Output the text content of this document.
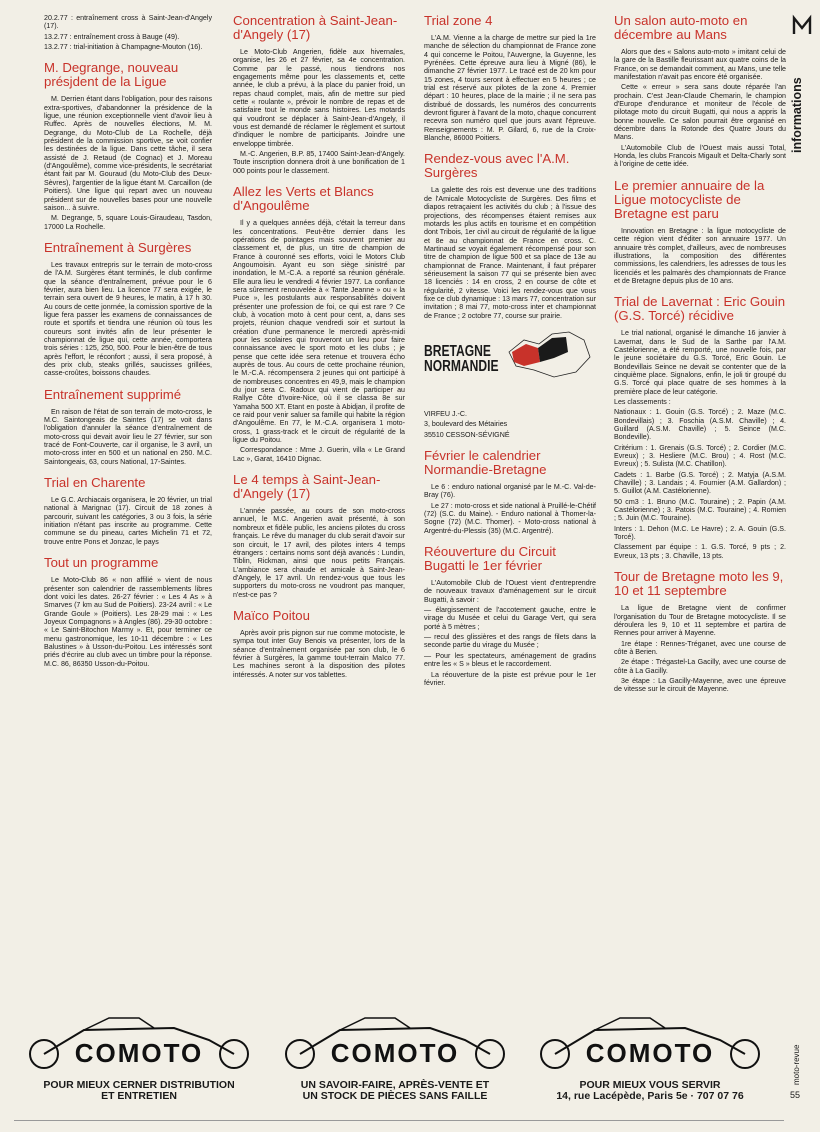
20.2.77 : entraînement cross à Saint-Jean-d'Angely (17).

13.2.77 : entraînement cross à Bauge (49).

13.2.77 : trial-initiation à Champagne-Mouton (16).

M. Degrange, nouveau présjdent de la Ligue

M. Derrien étant dans l'obligation, pour des raisons extra-sportives, d'abandonner la présidence de la ligue, une réunion exceptionnelle vient d'avoir lieu à Ruffec. Après de nouvelles élections, M. M. Degrange, du Moto-Club de La Rochelle, déjà président de la commission sportive, se voit confier les destinées de la ligue. Dans cette tâche, il sera assisté de J. Retaud (de Cognac) et J. Moreau (d'Angoulême), comme vice-présidents, le secrétariat étant fait par M. Gouraud (du Moto-Club des Deux-Sèvres), l'argentier de la ligue étant M. Carcaillon (de Poitiers). Une ligue qui repart avec un nouveau président sur de nouvelles bases pour une nouvelle saison... à suivre.

M. Degrange, 5, square Louis-Giraudeau, Tasdon, 17000 La Rochelle.

Entraînement à Surgères

Les travaux entrepris sur le terrain de moto-cross de l'A.M. Surgères étant terminés, le club confirme que la séance d'entraînement, prévue pour le 6 février, aura bien lieu. La licence 77 sera exigée, le terrain sera ouvert de 9 heures, le matin, à 17 h 30. Au cours de cette jonrnée, la comission sportive de la ligue fera passer les examens de connaissances de route et sportifs et tiendra une réunion où tous les coureurs sont invités afin de leur présenter le championnat de ligue qui, cette année, comportera trois séries : 125, 250, 500. Pour le bien-être de tous après l'effort, le réconfort ; aussi, il sera proposé, à des prix club, steaks grillés, saucisses grillées, casse-croûtes, boissons chaudes.

Entraînement supprimé

En raison de l'état de son terrain de moto-cross, le M.C. Saintongeais de Saintes (17) se voit dans l'obligation d'annuler la séance d'entraînement de moto-cross qui devait avoir lieu le 27 février, sur son tracé de Font-Couverte, car il organise, le 3 avril, un moto-cross inter en 500 et un national en 250. M.C. Saintongeais, 63, cours National, 17-Saintes.

Trial en Charente

Le G.C. Archiacais organisera, le 20 février, un trial national à Marignac (17). Circuit de 18 zones à parcourir, suivant les catégories, 3 ou 3 fois, la série initiation n'étant pas inscrite au programme. Cette commune se du pineau, cartes Michelin 71 et 72, trouve entre Pons et Jonzac, le pays

Tout un programme

Le Moto-Club 86 « non affilié » vient de nous présenter son calendrier de rassemblements libres dont voici les dates. 26-27 février : « Les 4 As » à Smarves (7 km au Sud de Poitiers). 23-24 avril : « Le Grande Goule » (Poitiers). Les 28-29 mai : « Les Joyeux Compagnons » à Angles (86). 29-30 octobre : « Le Saint-Bitochon Marmy ». Et, pour terminer ce menu gastronomique, les 10-11 décembre : « Les Balustines » à Usson-du-Poitou. Les intéressés sont priés d'écrire au club avec un timbre pour la réponse. M.C. 86, 86350 Usson-du-Poitou.

Concentration à Saint-Jean-d'Angely (17)

Le Moto-Club Angerien, fidèle aux hivernales, organise, les 26 et 27 février, sa 4e concentration. Comme par le passé, nous tiendrons nos engagements même pour les classements et, cette année, le club a prévu, à la place du panier froid, un repas chaud complet, mais, afin de mettre sur pied cette « roulante », prévoir le nombre de repas et de satisfaire tout le monde sans histoires. Les motards qui voudront se déplacer à Saint-Jean-d'Angely, il vous est demandé de réclamer le règlement et surtout d'indiquer le nombre de participants. Joindre une enveloppe timbrée.

M.-C. Angerien, B.P. 85, 17400 Saint-Jean-d'Angely. Toute inscription donnera droit à une bonification de 1 000 points pour le classement.

Allez les Verts et Blancs d'Angoulême

Il y a quelques années déjà, c'était la terreur dans les concentrations. Peut-être dernier dans les opérations de pointages mais souvent premier au classement et, de plus, un titre de champion de France à couronné ses efforts, voici le Motors Club Angoumoisin. Ayant eu son siège sinistré par inondation, le M.-C.A. a reporté sa réunion générale. Elle aura lieu le vendredi 4 février 1977. La confiance sera sûrement renouvelée à « Tante Jeanne » ou « la Puce », les postulants aux responsabilités doivent présenter une profession de foi, ce qui est rare ? Ce club, à vocation moto à cent pour cent, a, dans ses projets, réunion chaque vendredi soir et surtout la création d'une permanence le mercredi après-midi pour les scolaires qui trouveront un lieu pour faire connaissance avec le sport moto et les clubs ; je pense que cette idée sera retenue et trouvera écho auprès de tous. Au cours de cette prochaine réunion, le M.-C.A. récompensera 2 jeunes qui ont participé à de nombreuses concentres en 49,9, mais le champion du jour sera C. Radoux qui vient de participer au Rallye Côte d'Ivoire-Nice, où il se classa 8e sur Yamaha 500 XT. Etant en poste à Abidjan, il profite de ce raid pour venir saluer sa famille qui habite la région d'Angoulême. En 77, le M.-C.A. organisera 1 moto-cross, 1 grass-track et le circuit de régularité de la ligue du Poitou.

Correspondance : Mme J. Guerin, villa « Le Grand Lac », Garat, 16410 Dignac.

Le 4 temps à Saint-Jean-d'Angely (17)

L'année passée, au cours de son moto-cross annuel, le M.C. Angerien avait présenté, à son nombreux et fidèle public, les anciens pilotes du cross français. Le rêve du manager du club serait d'avoir sur son circuit, le 17 avril, des pilotes inters 4 temps étrangers : certains noms sont déjà avancés : Lundin, Tiblin, Rickman, ainsi que nous petits Français. L'ambiance sera chaude et amicale à Saint-Jean-d'Angely, le 17 avril. Un rendez-vous que tous les supporters du moto-cross ne voudront pas manquer, n'est-ce pas ?

Maïco Poitou

Après avoir pris pignon sur rue comme motociste, le sympa tout inter Guy Benois va présenter, lors de la séance d'entraînement organisée par son club, le 6 février à Surgères, la gamme tout-terrain Maïco 77. Les machines seront à la disposition des pilotes intéressés. A noter sur vos tablettes.

Trial zone 4

L'A.M. Vienne a la charge de mettre sur pied la 1re manche de sélection du championnat de France zone 4 qui concerne le Poitou, l'Auvergne, la Guyenne, les Pyrénées. Cette épreuve aura lieu à Migné (86), le dimanche 27 février 1977. Le tracé est de 20 km pour 15 zones, 4 tours seront à effectuer en 5 heures ; ce trial est réservé aux pilotes de la zone 4. Premier départ : 10 heures, place de la mairie ; il ne sera pas distribué de dossards, les numéros des concurrents devront figurer à l'avant de la moto, chaque concurrent recevra son numéro quel que jours avant l'épreuve. Renseignements : M. P. Gilard, 6, rue de la Croix-Blanche, 86000 Poitiers.

Rendez-vous avec l'A.M. Surgères

La galette des rois est devenue une des traditions de l'Amicale Motocycliste de Surgères. Des films et diapos retraçaient les activités du club ; à l'issue des projections, des récompenses étaient remises aux motards les plus actifs en tourisme et en compétition dont Tribois, 1er civil au circuit de régularité de la ligue et 8e au championnat de France en cross. C. Martinaud se voyait également récompensé pour son titre de champion de ligue 500 et sa place de 13e au championnat de France. Maintenant, il faut préparer sérieusement la saison 77 qui se présente bien avec 18 licenciés : 14 en cross, 2 en course de côte et régularité, 2 vitesse. Voici les rendez-vous que vous fixe ce club dynamique : 13 mars 77, concentration sur invitation ; 8 mai 77, moto-cross inter et championnat de France ; 2 octobre 77, course sur prairie.

BRETAGNE NORMANDIE

VIRFEU J.-C.

3, boulevard des Métairies

35510 CESSON-SÉVIGNÉ

Février le calendrier Normandie-Bretagne

Le 6 : enduro national organisé par le M.-C. Val-de-Bray (76).

Le 27 : moto-cross et side national à Pruillé-le-Chétif (72) (S.C. du Maine). - Enduro national à Thomer-la-Sogne (72) (M.C. Thomer). - Moto-cross national à Argentré-du-Plessis (35) (M.C. Argentré).

Réouverture du Circuit Bugatti le 1er février

L'Automobile Club de l'Ouest vient d'entreprendre de nouveaux travaux d'aménagement sur le circuit Bugatti, à savoir :

— élargissement de l'accotement gauche, entre le virage du Musée et celui du Garage Vert, qui sera porté à 5 mètres ;

— recul des glissières et des rangs de filets dans la seconde partie du virage du Musée ;

— Pour les spectateurs, aménagement de gradins entre les « S » bleus et le raccordement.

La réouverture de la piste est prévue pour le 1er février.

Un salon auto-moto en décembre au Mans

Alors que des « Salons auto-moto » imitant celui de la gare de la Bastille fleurissant aux quatre coins de la France, on se demandait comment, au Mans, une telle manifestation n'avait pas encore été organisée.

Cette « erreur » sera sans doute réparée l'an prochain. C'est Jean-Claude Chemarin, le champion d'Europe d'endurance et moniteur de l'école de pilotage moto du circuit Bugatti, qui nous a appris la bonne nouvelle. Ce salon pourrait être organisé en décembre dans la Rotonde des Quatre Jours du Mans.

L'Automobile Club de l'Ouest mais aussi Total, Honda, les clubs Francois Migault et Delta-Charly sont à l'origine de cette idée.

Le premier annuaire de la Ligue motocycliste de Bretagne est paru

Innovation en Bretagne : la ligue motocycliste de cette région vient d'éditer son annuaire 1977. Un annuaire très complet, d'ailleurs, avec de nombreuses illustrations, la composition des différentes commissions, les calendriers, les adresses de tous les licenciés et les palmarès des championnats de France et de Bretagne depuis plus de 10 ans.

Trial de Lavernat : Eric Gouin (G.S. Torcé) récidive

Le trial national, organisé le dimanche 16 janvier à Lavernat, dans le Sud de la Sarthe par l'A.M. Castélorienne, a été remporté, une nouvelle fois, par le jeune sociétaire du G.S. Torcé, Eric Gouin. Le Bondevillais Seince ne devait se contenter que de la cinquième place. Signalons, enfin, le joli tir groupé du G.S. Torcé qui place quatre de ses hommes à la première place de leur catégorie.

Les classements :

Nationaux : 1. Gouin (G.S. Torcé) ; 2. Maze (M.C. Bondevillais) ; 3. Foschia (A.S.M. Chaville) ; 4. Guillard (A.S.M. Chaville) ; 5. Seince (M.C. Bondeville).

Critérium : 1. Grenais (G.S. Torcé) ; 2. Cordier (M.C. Evreux) ; 3. Hesliere (M.C. Brou) ; 4. Rost (M.C. Evreux) ; 5. Sulista (M.C. Chatillon).

Cadets : 1. Barbe (G.S. Torcé) ; 2. Matyja (A.S.M. Chaville) ; 3. Landais ; 4. Fournier (A.M. Gallardon) ; 5. Guillot (A.M. Castélorienne).

50 cm3 : 1. Bruno (M.C. Touraine) ; 2. Papin (A.M. Castélorienne) ; 3. Patois (M.C. Touraine) ; 4. Romien ; 5. Juin (M.C. Touraine).

Inters : 1. Dehon (M.C. Le Havre) ; 2. A. Gouin (G.S. Torcé).

Classement par équipe : 1. G.S. Torcé, 9 pts ; 2. Evreux, 13 pts ; 3. Chaville, 13 pts.

Tour de Bretagne moto les 9, 10 et 11 septembre

La ligue de Bretagne vient de confirmer l'organisation du Tour de Bretagne motocycliste. Il se déroulera les 9, 10 et 11 septembre et partira de Rennes pour arriver à Mayenne.

1re étape : Rennes-Tréganet, avec une course de côte à Berien.

2e étape : Trégastel-La Gacilly, avec une course de côte à La Gacilly.

3e étape : La Gacilly-Mayenne, avec une épreuve de vitesse sur le circuit de Mayenne.

informations
moto-revue
55
COMOTO
POUR MIEUX CERNER DISTRIBUTION
ET ENTRETIEN
COMOTO
UN SAVOIR-FAIRE, APRÈS-VENTE ET
UN STOCK DE PIÈCES SANS FAILLE
COMOTO
POUR MIEUX VOUS SERVIR
14, rue Lacépède, Paris 5e · 707 07 76
